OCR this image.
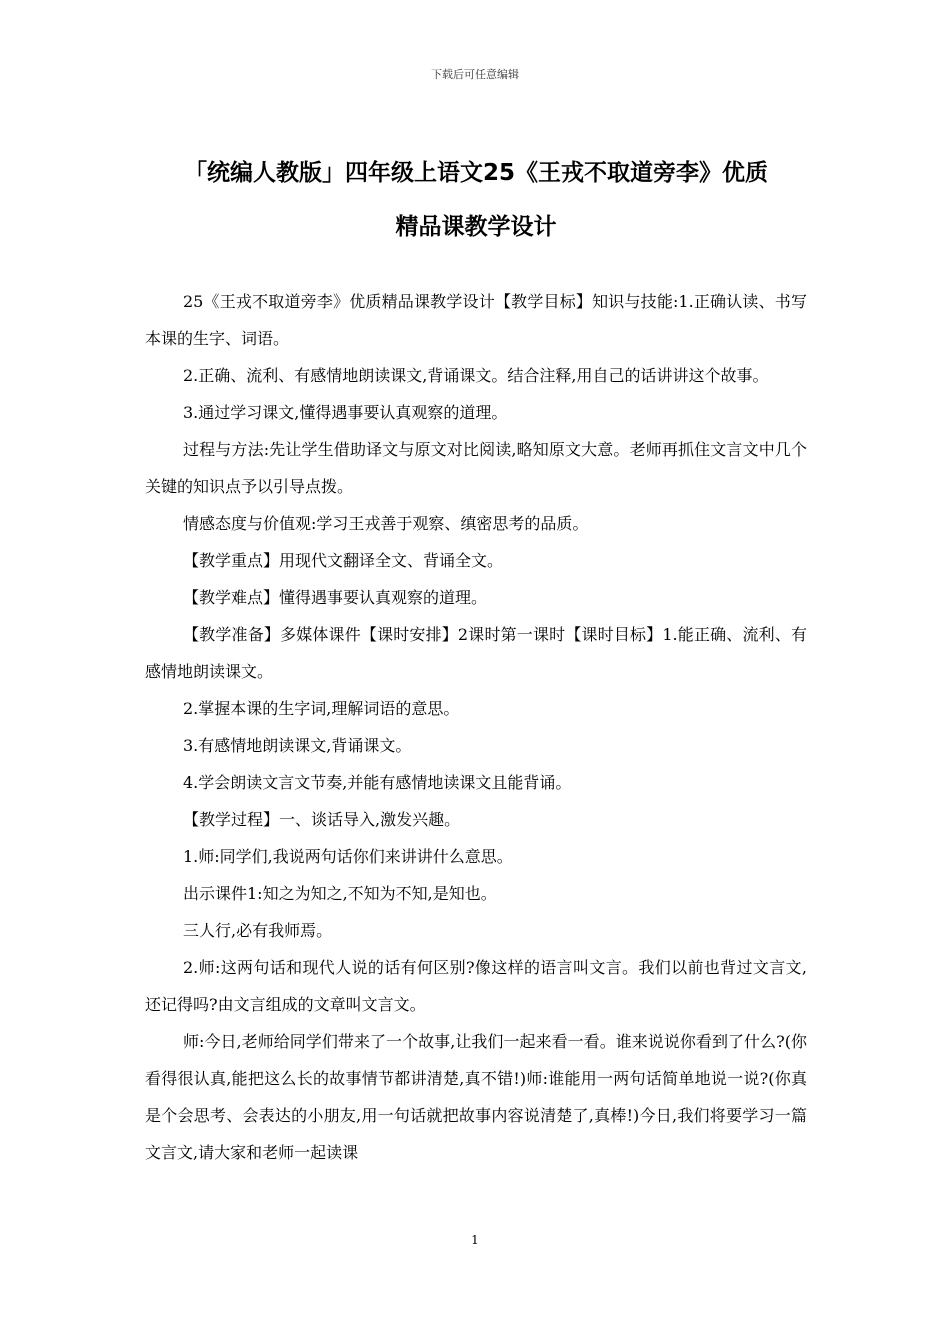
下载后可任意编辑
「统编人教版」四年级上语文25《王戎不取道旁李》优质
精品课教学设计

25《王戎不取道旁李》优质精品课教学设计【教学目标】知识与技能:1.正确认读、书写本课的生字、词语。

2.正确、流利、有感情地朗读课文,背诵课文。结合注释,用自己的话讲讲这个故事。

3.通过学习课文,懂得遇事要认真观察的道理。

过程与方法:先让学生借助译文与原文对比阅读,略知原文大意。老师再抓住文言文中几个关键的知识点予以引导点拨。

情感态度与价值观:学习王戎善于观察、缜密思考的品质。

【教学重点】用现代文翻译全文、背诵全文。

【教学难点】懂得遇事要认真观察的道理。

【教学准备】多媒体课件【课时安排】2课时第一课时【课时目标】1.能正确、流利、有感情地朗读课文。

2.掌握本课的生字词,理解词语的意思。

3.有感情地朗读课文,背诵课文。

4.学会朗读文言文节奏,并能有感情地读课文且能背诵。

【教学过程】一、谈话导入,激发兴趣。

1.师:同学们,我说两句话你们来讲讲什么意思。

出示课件1:知之为知之,不知为不知,是知也。

三人行,必有我师焉。

2.师:这两句话和现代人说的话有何区别?像这样的语言叫文言。我们以前也背过文言文,还记得吗?由文言组成的文章叫文言文。

师:今日,老师给同学们带来了一个故事,让我们一起来看一看。谁来说说你看到了什么?(你看得很认真,能把这么长的故事情节都讲清楚,真不错!)师:谁能用一两句话简单地说一说?(你真是个会思考、会表达的小朋友,用一句话就把故事内容说清楚了,真棒!)今日,我们将要学习一篇文言文,请大家和老师一起读课

1
